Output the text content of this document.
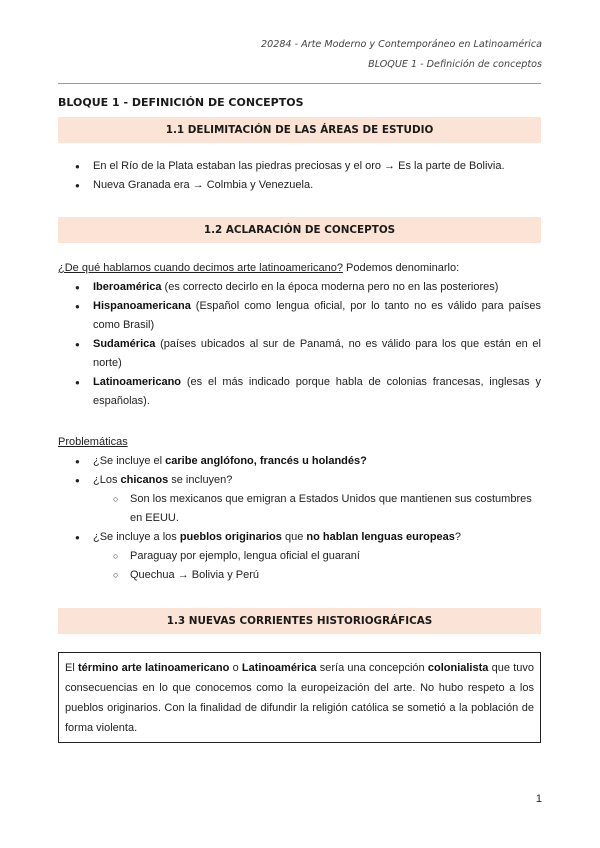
20284 - Arte Moderno y Contemporáneo en Latinoamérica
BLOQUE 1 - Definición de conceptos
BLOQUE 1 - DEFINICIÓN DE CONCEPTOS
1.1 DELIMITACIÓN DE LAS ÁREAS DE ESTUDIO
● En el Río de la Plata estaban las piedras preciosas y el oro → Es la parte de Bolivia.
● Nueva Granada era → Colmbia y Venezuela.
1.2 ACLARACIÓN DE CONCEPTOS
¿De qué hablamos cuando decimos arte latinoamericano? Podemos denominarlo:
● Iberoamérica (es correcto decirlo en la época moderna pero no en las posteriores)
● Hispanoamericana (Español como lengua oficial, por lo tanto no es válido para países como Brasil)
● Sudamérica (países ubicados al sur de Panamá, no es válido para los que están en el norte)
● Latinoamericano (es el más indicado porque habla de colonias francesas, inglesas y españolas).
Problemáticas
● ¿Se incluye el caribe anglófono, francés u holandés?
● ¿Los chicanos se incluyen?
○ Son los mexicanos que emigran a Estados Unidos que mantienen sus costumbres en EEUU.
● ¿Se incluye a los pueblos originarios que no hablan lenguas europeas?
○ Paraguay por ejemplo, lengua oficial el guaraní
○ Quechua → Bolivia y Perú
1.3 NUEVAS CORRIENTES HISTORIOGRÁFICAS
El término arte latinoamericano o Latinoamérica sería una concepción colonialista que tuvo consecuencias en lo que conocemos como la europeización del arte. No hubo respeto a los pueblos originarios. Con la finalidad de difundir la religión católica se sometió a la población de forma violenta.
1
